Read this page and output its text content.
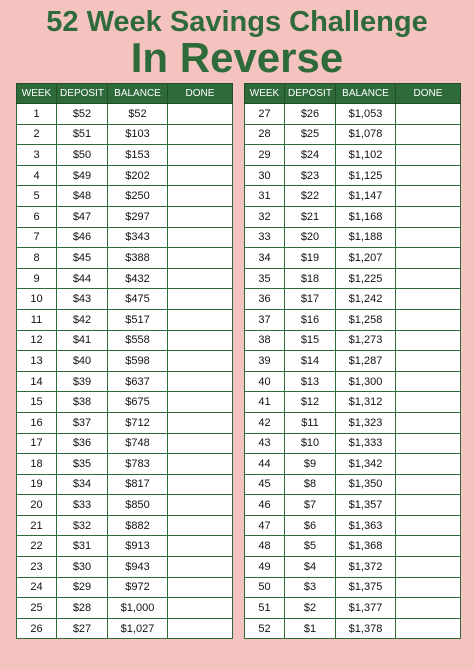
52 Week Savings Challenge
In Reverse
WEEK	DEPOSIT	BALANCE	DONE
1	$52	$52	
2	$51	$103	
3	$50	$153	
4	$49	$202	
5	$48	$250	
6	$47	$297	
7	$46	$343	
8	$45	$388	
9	$44	$432	
10	$43	$475	
11	$42	$517	
12	$41	$558	
13	$40	$598	
14	$39	$637	
15	$38	$675	
16	$37	$712	
17	$36	$748	
18	$35	$783	
19	$34	$817	
20	$33	$850	
21	$32	$882	
22	$31	$913	
23	$30	$943	
24	$29	$972	
25	$28	$1,000	
26	$27	$1,027	
WEEK	DEPOSIT	BALANCE	DONE
27	$26	$1,053	
28	$25	$1,078	
29	$24	$1,102	
30	$23	$1,125	
31	$22	$1,147	
32	$21	$1,168	
33	$20	$1,188	
34	$19	$1,207	
35	$18	$1,225	
36	$17	$1,242	
37	$16	$1,258	
38	$15	$1,273	
39	$14	$1,287	
40	$13	$1,300	
41	$12	$1,312	
42	$11	$1,323	
43	$10	$1,333	
44	$9	$1,342	
45	$8	$1,350	
46	$7	$1,357	
47	$6	$1,363	
48	$5	$1,368	
49	$4	$1,372	
50	$3	$1,375	
51	$2	$1,377	
52	$1	$1,378	
